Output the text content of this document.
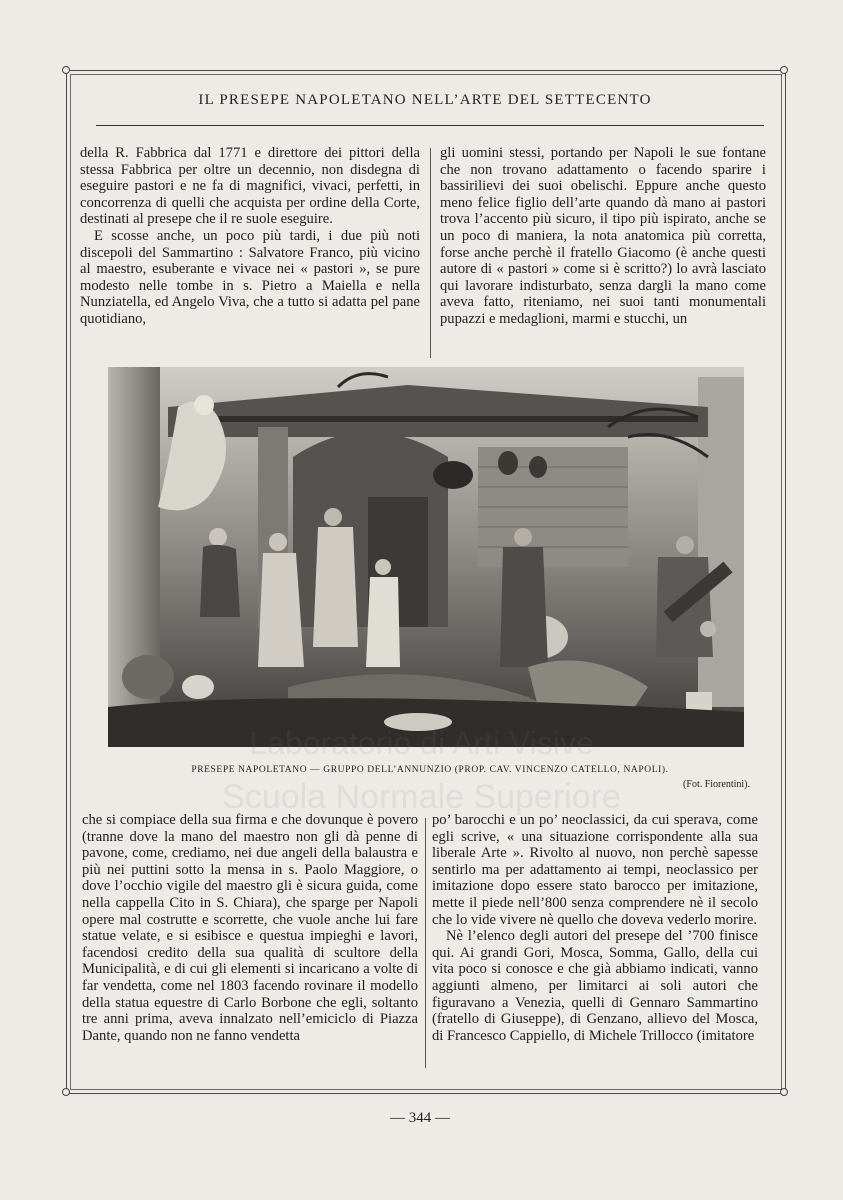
IL PRESEPE NAPOLETANO NELL’ARTE DEL SETTECENTO

della R. Fabbrica dal 1771 e direttore dei pittori della stessa Fabbrica per oltre un decennio, non disdegna di eseguire pastori e ne fa di magnifici, vivaci, perfetti, in concorrenza di quelli che acquista per ordine della Corte, destinati al presepe che il re suole eseguire.

E scosse anche, un poco più tardi, i due più noti discepoli del Sammartino : Salvatore Franco, più vicino al maestro, esuberante e vivace nei « pastori », se pure modesto nelle tombe in s. Pietro a Maiella e nella Nunziatella, ed Angelo Viva, che a tutto si adatta pel pane quotidiano,

gli uomini stessi, portando per Napoli le sue fontane che non trovano adattamento o facendo sparire i bassirilievi dei suoi obelischi. Eppure anche questo meno felice figlio dell’arte quando dà mano ai pastori trova l’accento più sicuro, il tipo più ispirato, anche se un poco di maniera, la nota anatomica più corretta, forse anche perchè il fratello Giacomo (è anche questi autore di « pastori » come si è scritto?) lo avrà lasciato qui lavorare indisturbato, senza dargli la mano come aveva fatto, riteniamo, nei suoi tanti monumentali pupazzi e medaglioni, marmi e stucchi, un

PRESEPE NAPOLETANO — GRUPPO DELL’ANNUNZIO (PROP. CAV. VINCENZO CATELLO, NAPOLI).
(Fot. Fiorentini).
Scuola Normale Superiore

che si compiace della sua firma e che dovunque è povero (tranne dove la mano del maestro non gli dà penne di pavone, come, crediamo, nei due angeli della balaustra e più nei puttini sotto la mensa in s. Paolo Maggiore, o dove l’occhio vigile del maestro gli è sicura guida, come nella cappella Cito in S. Chiara), che sparge per Napoli opere mal costrutte e scorrette, che vuole anche lui fare statue velate, e si esibisce e questua impieghi e lavori, facendosi credito della sua qualità di scultore della Municipalità, e di cui gli elementi si incaricano a volte di far vendetta, come nel 1803 facendo rovinare il modello della statua equestre di Carlo Borbone che egli, soltanto tre anni prima, aveva innalzato nell’emiciclo di Piazza Dante, quando non ne fanno vendetta

po’ barocchi e un po’ neoclassici, da cui sperava, come egli scrive, « una situazione corrispondente alla sua liberale Arte ». Rivolto al nuovo, non perchè sapesse sentirlo ma per adattamento ai tempi, neoclassico per imitazione dopo essere stato barocco per imitazione, mette il piede nell’800 senza comprendere nè il secolo che lo vide vivere nè quello che doveva vederlo morire.

Nè l’elenco degli autori del presepe del ’700 finisce qui. Ai grandi Gori, Mosca, Somma, Gallo, della cui vita poco si conosce e che già abbiamo indicati, vanno aggiunti almeno, per limitarci ai soli autori che figuravano a Venezia, quelli di Gennaro Sammartino (fratello di Giuseppe), di Genzano, allievo del Mosca, di Francesco Cappiello, di Michele Trillocco (imitatore

— 344 —
